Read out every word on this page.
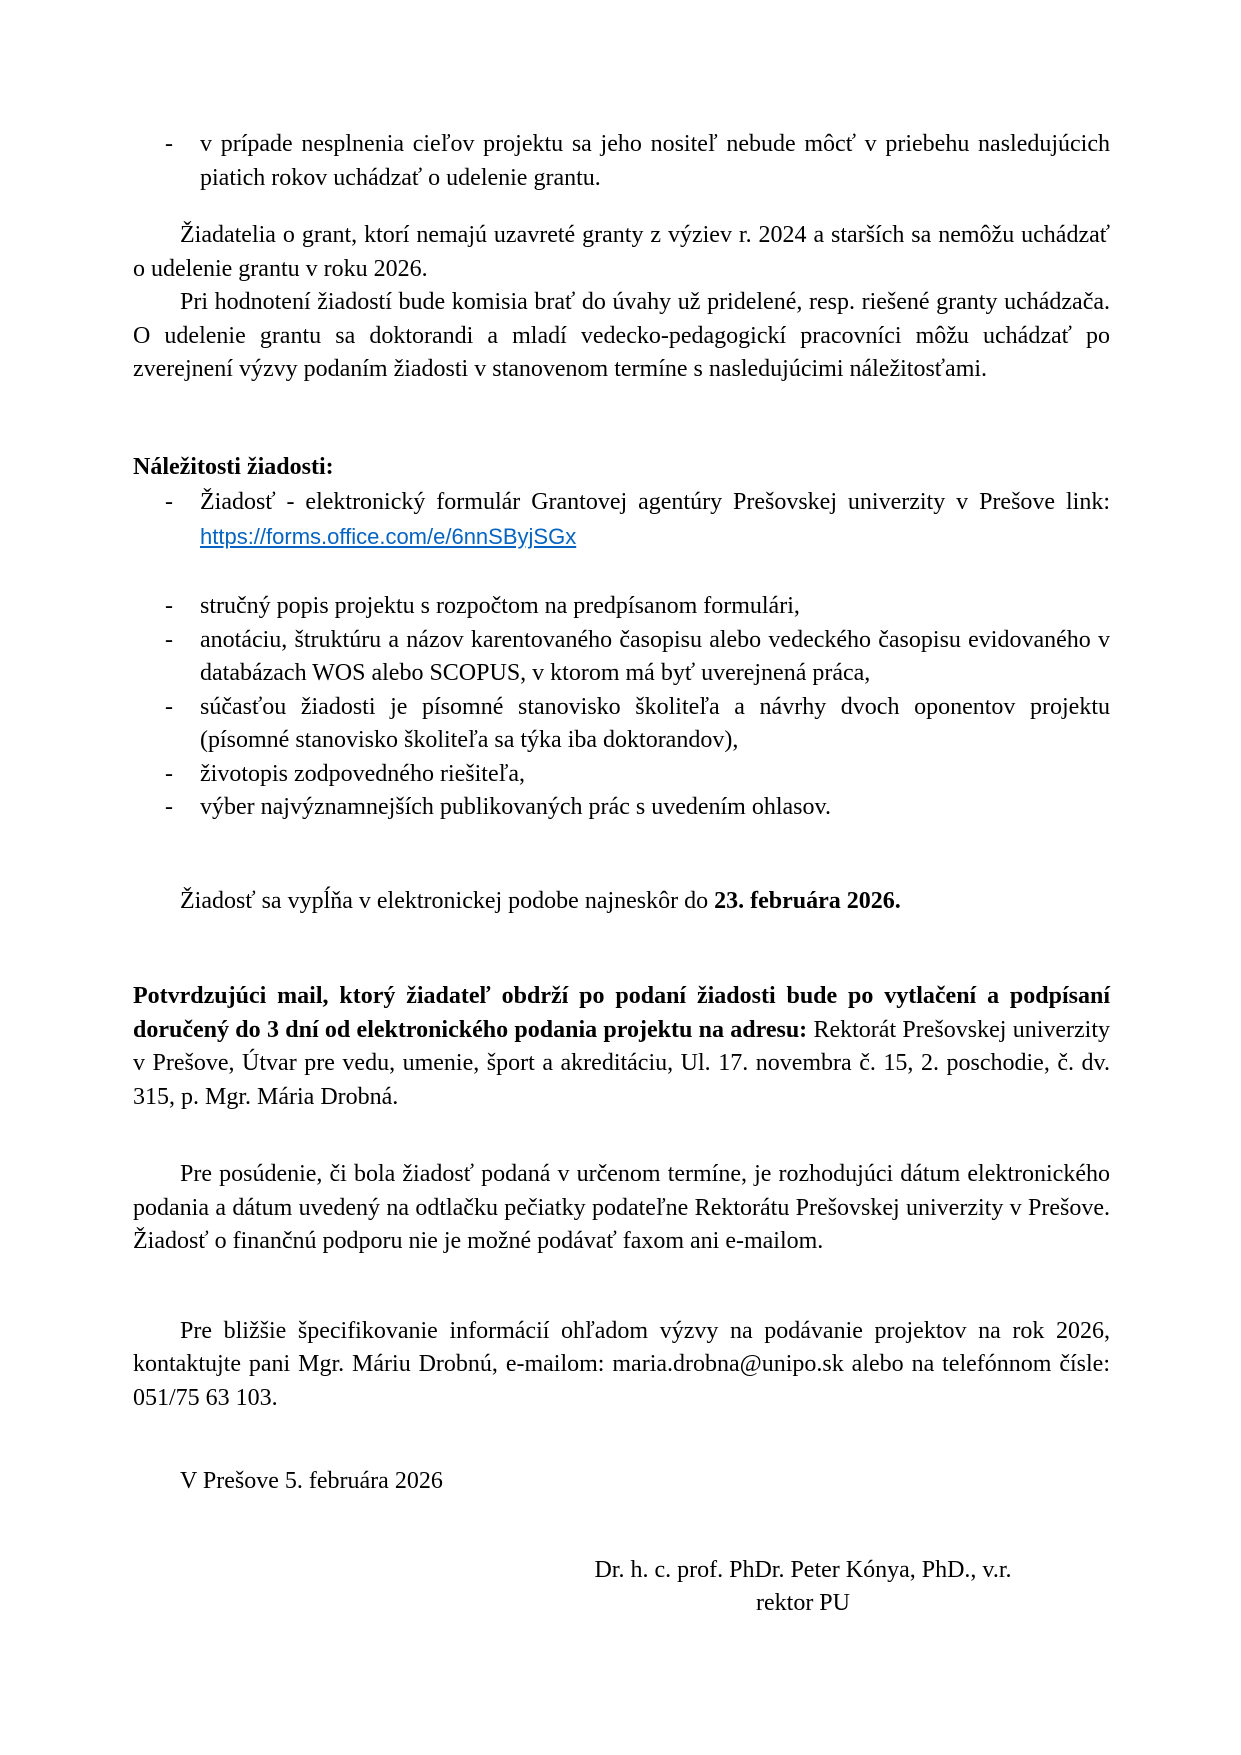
-	v prípade nesplnenia cieľov projektu sa jeho nositeľ nebude môcť v priebehu nasledujúcich piatich rokov uchádzať o udelenie grantu.

Žiadatelia o grant, ktorí nemajú uzavreté granty z výziev r. 2024 a starších sa nemôžu uchádzať o udelenie grantu v roku 2026.

Pri hodnotení žiadostí bude komisia brať do úvahy už pridelené, resp. riešené granty uchádzača. O udelenie grantu sa doktorandi a mladí vedecko-pedagogickí pracovníci môžu uchádzať po zverejnení výzvy podaním žiadosti v stanovenom termíne s nasledujúcimi náležitosťami.

Náležitosti žiadosti:

-	Žiadosť - elektronický formulár Grantovej agentúry Prešovskej univerzity v Prešove link: https://forms.office.com/e/6nnSByjSGx
-	stručný popis projektu s rozpočtom na predpísanom formulári,
-	anotáciu, štruktúru a názov karentovaného časopisu alebo vedeckého časopisu evidovaného v databázach WOS alebo SCOPUS, v ktorom má byť uverejnená práca,
-	súčasťou žiadosti je písomné stanovisko školiteľa a návrhy dvoch oponentov projektu (písomné stanovisko školiteľa sa týka iba doktorandov),
-	životopis zodpovedného riešiteľa,
-	výber najvýznamnejších publikovaných prác s uvedením ohlasov.

Žiadosť sa vypĺňa v elektronickej podobe najneskôr do 23. februára 2026.

Potvrdzujúci mail, ktorý žiadateľ obdrží po podaní žiadosti bude po vytlačení a podpísaní doručený do 3 dní od elektronického podania projektu na adresu: Rektorát Prešovskej univerzity v Prešove, Útvar pre vedu, umenie, šport a akreditáciu, Ul. 17. novembra č. 15, 2. poschodie, č. dv. 315, p. Mgr. Mária Drobná.

Pre posúdenie, či bola žiadosť podaná v určenom termíne, je rozhodujúci dátum elektronického podania a dátum uvedený na odtlačku pečiatky podateľne Rektorátu Prešovskej univerzity v Prešove. Žiadosť o finančnú podporu nie je možné podávať faxom ani e-mailom.

Pre bližšie špecifikovanie informácií ohľadom výzvy na podávanie projektov na rok 2026, kontaktujte pani Mgr. Máriu Drobnú, e-mailom: maria.drobna@unipo.sk alebo na telefónnom čísle: 051/75 63 103.

V Prešove 5. februára 2026

Dr. h. c. prof. PhDr. Peter Kónya, PhD., v.r.

rektor PU
